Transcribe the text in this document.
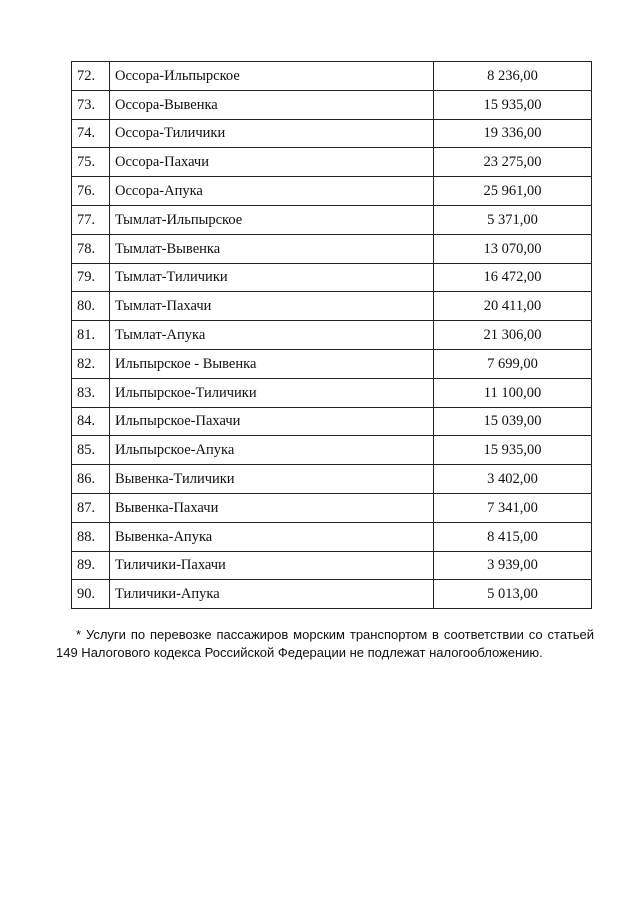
72.	Оссора-Ильпырское	8 236,00
73.	Оссора-Вывенка	15 935,00
74.	Оссора-Тиличики	19 336,00
75.	Оссора-Пахачи	23 275,00
76.	Оссора-Апука	25 961,00
77.	Тымлат-Ильпырское	5 371,00
78.	Тымлат-Вывенка	13 070,00
79.	Тымлат-Тиличики	16 472,00
80.	Тымлат-Пахачи	20 411,00
81.	Тымлат-Апука	21 306,00
82.	Ильпырское - Вывенка	7 699,00
83.	Ильпырское-Тиличики	11 100,00
84.	Ильпырское-Пахачи	15 039,00
85.	Ильпырское-Апука	15 935,00
86.	Вывенка-Тиличики	3 402,00
87.	Вывенка-Пахачи	7 341,00
88.	Вывенка-Апука	8 415,00
89.	Тиличики-Пахачи	3 939,00
90.	Тиличики-Апука	5 013,00

* Услуги по перевозке пассажиров морским транспортом в соответствии со статьей 149 Налогового кодекса Российской Федерации не подлежат налогообложению.
